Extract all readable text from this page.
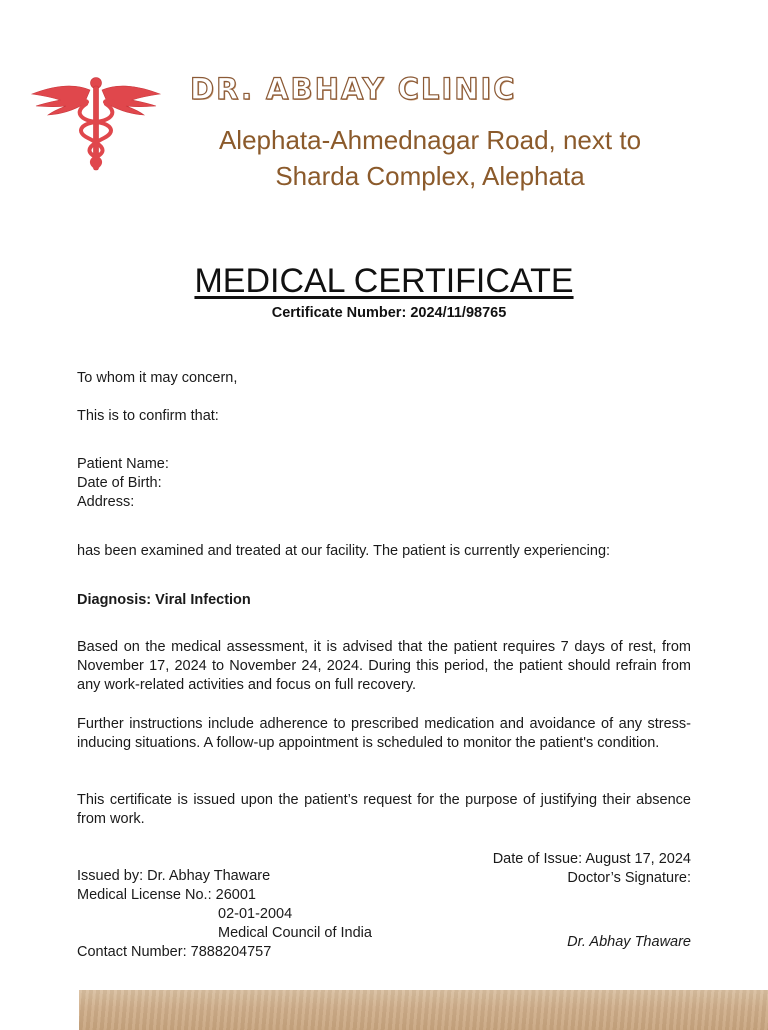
DR. ABHAY CLINIC
Alephata-Ahmednagar Road, next to
Sharda Complex, Alephata
MEDICAL CERTIFICATE
Certificate Number: 2024/11/98765
To whom it may concern,
This is to confirm that:
Patient Name:
Date of Birth:
Address:
has been examined and treated at our facility. The patient is currently experiencing:
Diagnosis: Viral Infection
Based on the medical assessment, it is advised that the patient requires 7 days of rest, from November 17, 2024 to November 24, 2024. During this period, the patient should refrain from any work-related activities and focus on full recovery.
Further instructions include adherence to prescribed medication and avoidance of any stress-inducing situations. A follow-up appointment is scheduled to monitor the patient's condition.
This certificate is issued upon the patient’s request for the purpose of justifying their absence from work.
Issued by: Dr. Abhay Thaware
Medical License No.: 26001
02-01-2004
Medical Council of India
Contact Number: 7888204757
Date of Issue: August 17, 2024
Doctor’s Signature:
Dr. Abhay Thaware
